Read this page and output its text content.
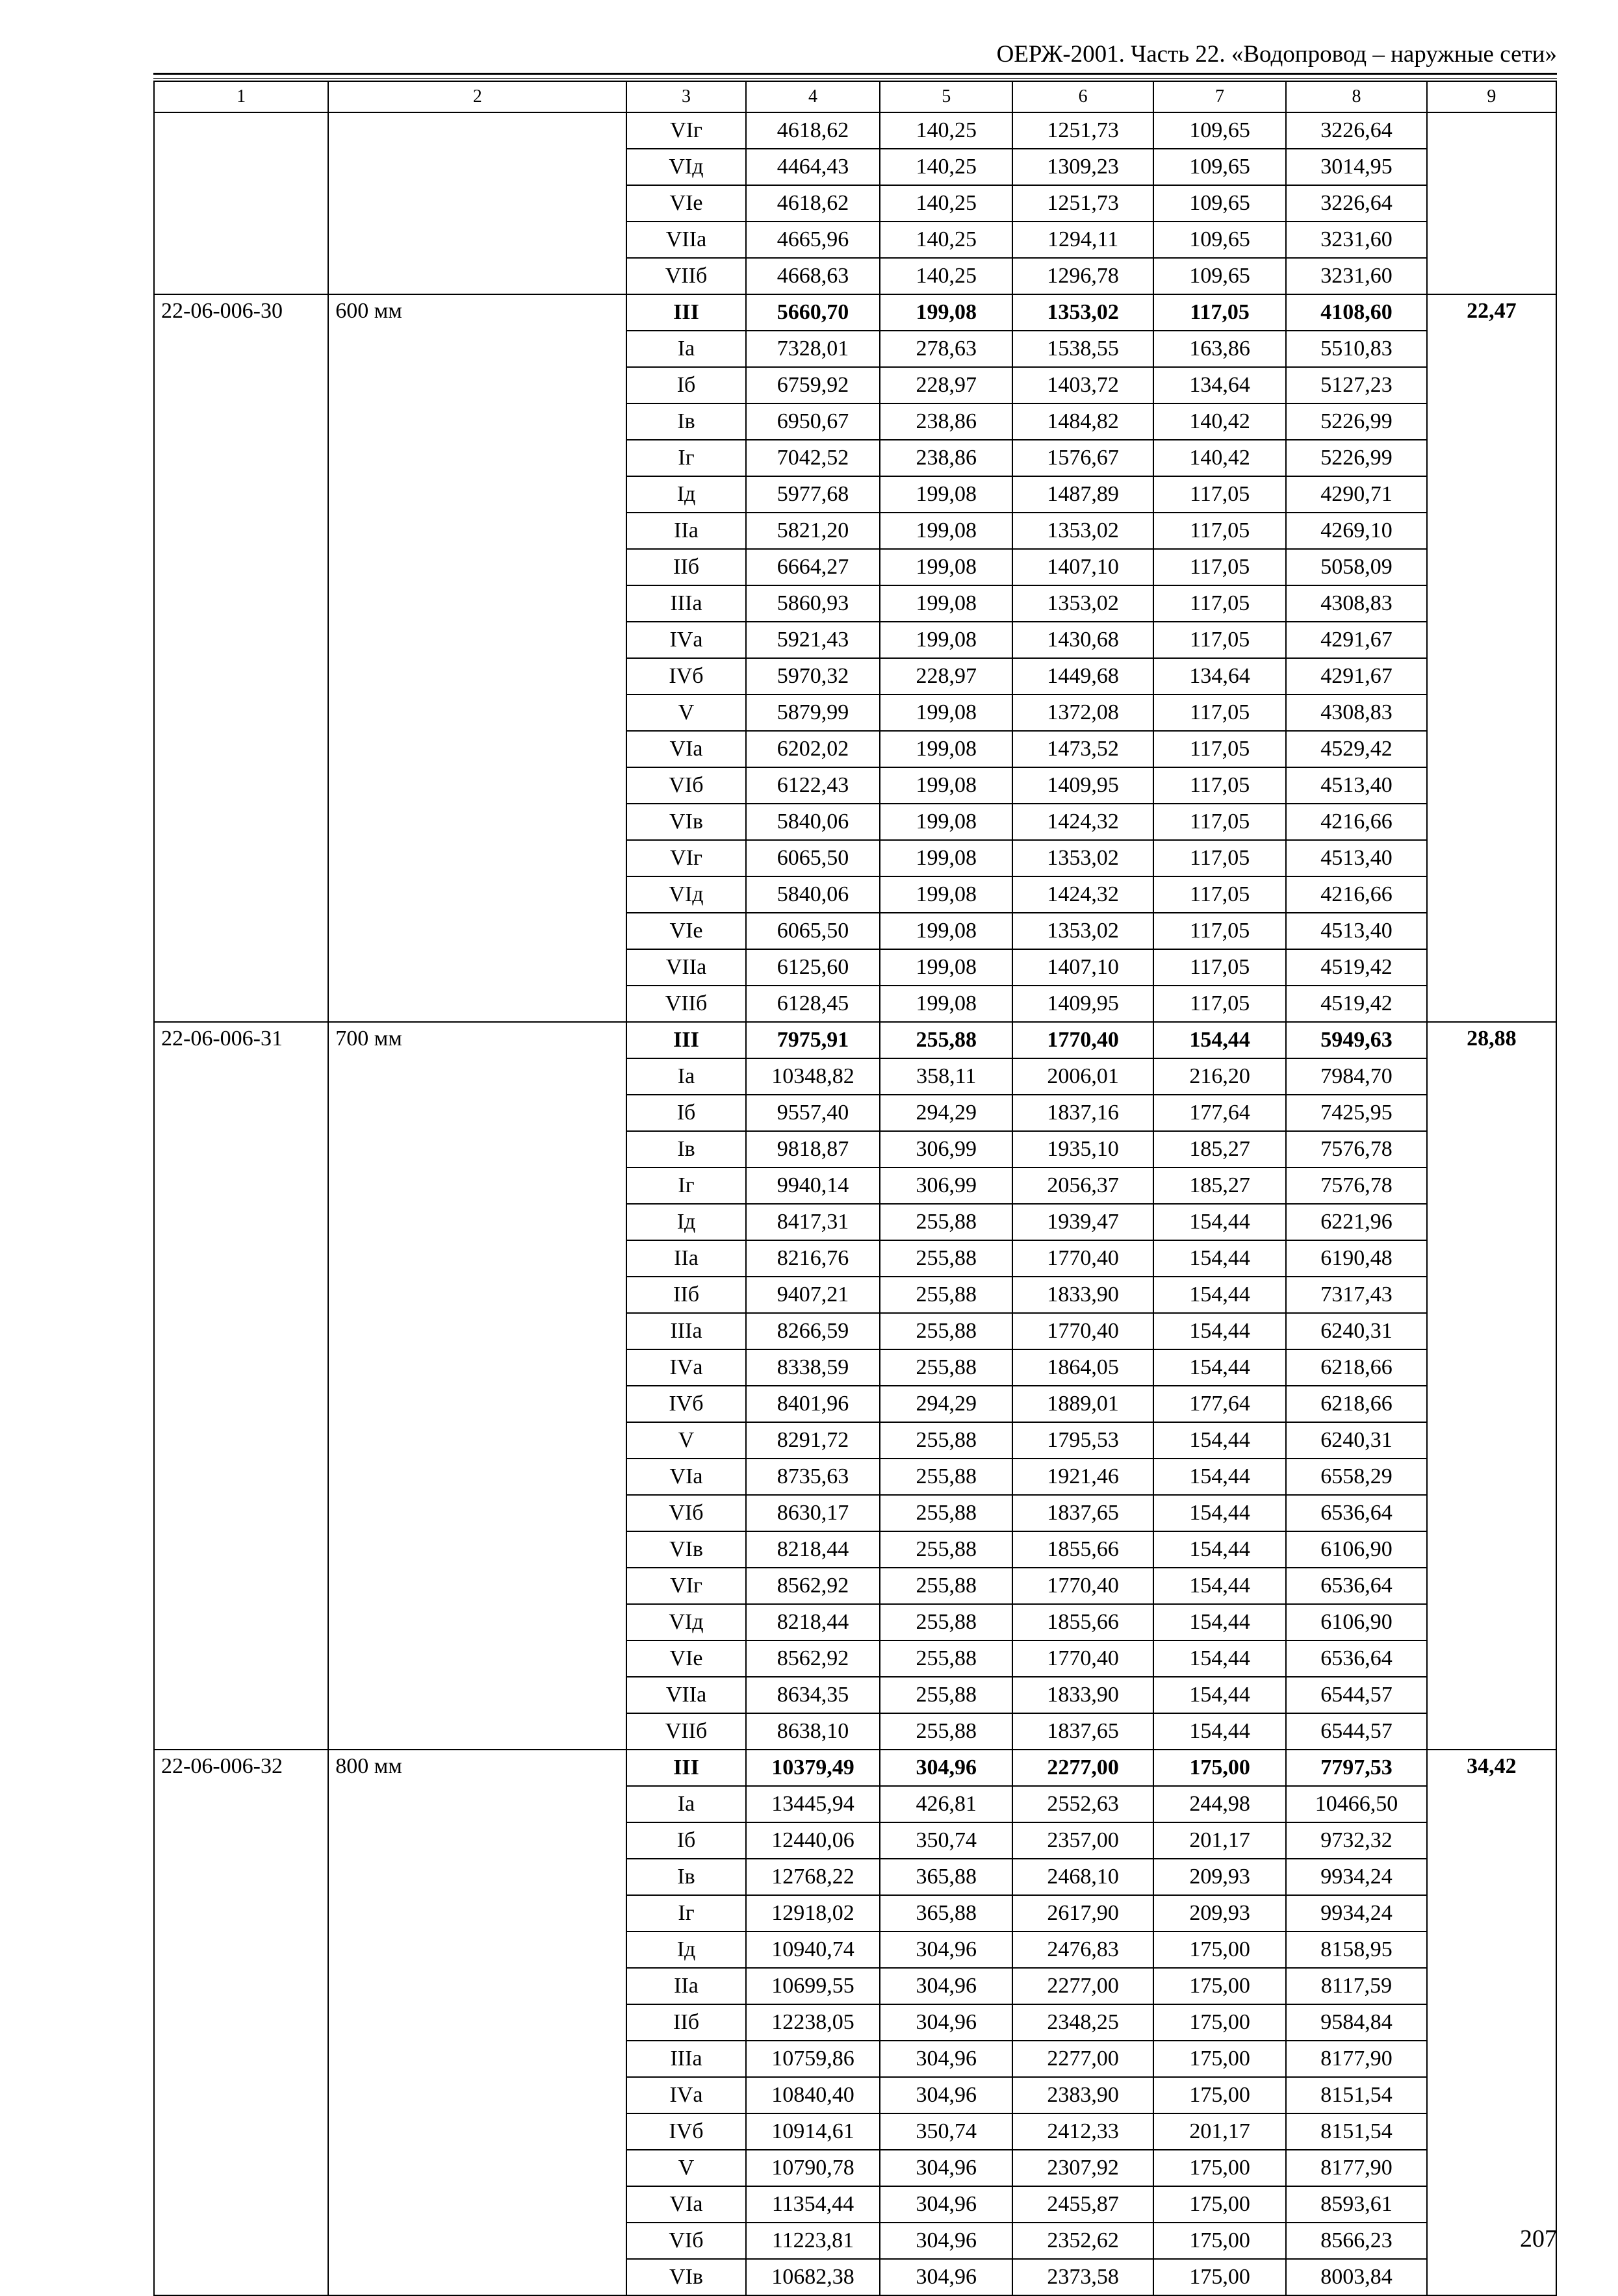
ОЕРЖ-2001. Часть 22. «Водопровод – наружные сети»
1	2	3	4	5	6	7	8	9
		VIг	4618,62	140,25	1251,73	109,65	3226,64	
		VIд	4464,43	140,25	1309,23	109,65	3014,95	
		VIе	4618,62	140,25	1251,73	109,65	3226,64	
		VIIа	4665,96	140,25	1294,11	109,65	3231,60	
		VIIб	4668,63	140,25	1296,78	109,65	3231,60	
22-06-006-30	600 мм	III	5660,70	199,08	1353,02	117,05	4108,60	22,47
		Iа	7328,01	278,63	1538,55	163,86	5510,83	
		Iб	6759,92	228,97	1403,72	134,64	5127,23	
		Iв	6950,67	238,86	1484,82	140,42	5226,99	
		Iг	7042,52	238,86	1576,67	140,42	5226,99	
		Iд	5977,68	199,08	1487,89	117,05	4290,71	
		IIа	5821,20	199,08	1353,02	117,05	4269,10	
		IIб	6664,27	199,08	1407,10	117,05	5058,09	
		IIIа	5860,93	199,08	1353,02	117,05	4308,83	
		IVа	5921,43	199,08	1430,68	117,05	4291,67	
		IVб	5970,32	228,97	1449,68	134,64	4291,67	
		V	5879,99	199,08	1372,08	117,05	4308,83	
		VIа	6202,02	199,08	1473,52	117,05	4529,42	
		VIб	6122,43	199,08	1409,95	117,05	4513,40	
		VIв	5840,06	199,08	1424,32	117,05	4216,66	
		VIг	6065,50	199,08	1353,02	117,05	4513,40	
		VIд	5840,06	199,08	1424,32	117,05	4216,66	
		VIе	6065,50	199,08	1353,02	117,05	4513,40	
		VIIа	6125,60	199,08	1407,10	117,05	4519,42	
		VIIб	6128,45	199,08	1409,95	117,05	4519,42	
22-06-006-31	700 мм	III	7975,91	255,88	1770,40	154,44	5949,63	28,88
		Iа	10348,82	358,11	2006,01	216,20	7984,70	
		Iб	9557,40	294,29	1837,16	177,64	7425,95	
		Iв	9818,87	306,99	1935,10	185,27	7576,78	
		Iг	9940,14	306,99	2056,37	185,27	7576,78	
		Iд	8417,31	255,88	1939,47	154,44	6221,96	
		IIа	8216,76	255,88	1770,40	154,44	6190,48	
		IIб	9407,21	255,88	1833,90	154,44	7317,43	
		IIIа	8266,59	255,88	1770,40	154,44	6240,31	
		IVа	8338,59	255,88	1864,05	154,44	6218,66	
		IVб	8401,96	294,29	1889,01	177,64	6218,66	
		V	8291,72	255,88	1795,53	154,44	6240,31	
		VIа	8735,63	255,88	1921,46	154,44	6558,29	
		VIб	8630,17	255,88	1837,65	154,44	6536,64	
		VIв	8218,44	255,88	1855,66	154,44	6106,90	
		VIг	8562,92	255,88	1770,40	154,44	6536,64	
		VIд	8218,44	255,88	1855,66	154,44	6106,90	
		VIе	8562,92	255,88	1770,40	154,44	6536,64	
		VIIа	8634,35	255,88	1833,90	154,44	6544,57	
		VIIб	8638,10	255,88	1837,65	154,44	6544,57	
22-06-006-32	800 мм	III	10379,49	304,96	2277,00	175,00	7797,53	34,42
		Iа	13445,94	426,81	2552,63	244,98	10466,50	
		Iб	12440,06	350,74	2357,00	201,17	9732,32	
		Iв	12768,22	365,88	2468,10	209,93	9934,24	
		Iг	12918,02	365,88	2617,90	209,93	9934,24	
		Iд	10940,74	304,96	2476,83	175,00	8158,95	
		IIа	10699,55	304,96	2277,00	175,00	8117,59	
		IIб	12238,05	304,96	2348,25	175,00	9584,84	
		IIIа	10759,86	304,96	2277,00	175,00	8177,90	
		IVа	10840,40	304,96	2383,90	175,00	8151,54	
		IVб	10914,61	350,74	2412,33	201,17	8151,54	
		V	10790,78	304,96	2307,92	175,00	8177,90	
		VIа	11354,44	304,96	2455,87	175,00	8593,61	
		VIб	11223,81	304,96	2352,62	175,00	8566,23	
		VIв	10682,38	304,96	2373,58	175,00	8003,84	
207
